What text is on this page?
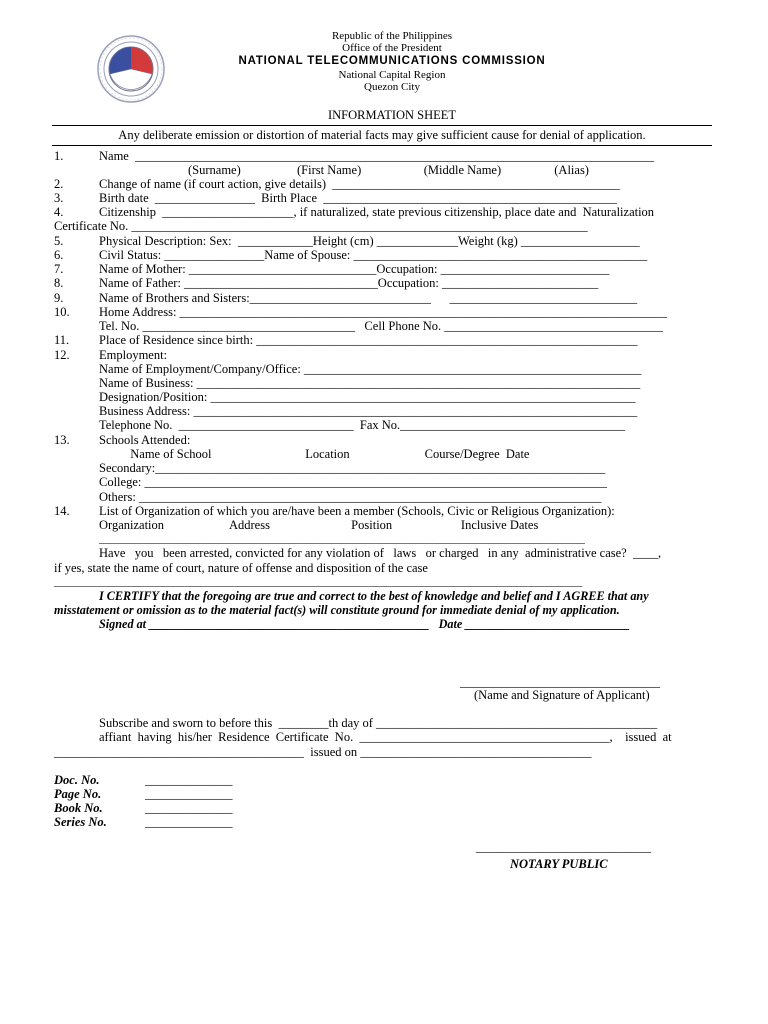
Republic of the Philippines
Office of the President
NATIONAL TELECOMMUNICATIONS COMMISSION
National Capital Region
Quezon City
INFORMATION SHEET
Any deliberate emission or distortion of material facts may give sufficient cause for denial of application.
1.	Name  ___________________________________________________________________________________
(Surname)                  (First Name)                    (Middle Name)                 (Alias)
2.	Change of name (if court action, give details)  ______________________________________________
3.	Birth date  ________________  Birth Place  _______________________________________________
4.	Citizenship  _____________________, if naturalized, state previous citizenship, place date and  Naturalization
Certificate No. _________________________________________________________________________
5.	Physical Description: Sex:  ____________Height (cm) _____________Weight (kg) ___________________
6.	Civil Status: ________________Name of Spouse: _______________________________________________
7.	Name of Mother: ______________________________Occupation: ___________________________
8.	Name of Father: _______________________________Occupation: _________________________
9.	Name of Brothers and Sisters:_____________________________      ______________________________
10. Home Address: ______________________________________________________________________________
Tel. No. __________________________________   Cell Phone No. ___________________________________
11. Place of Residence since birth: _____________________________________________________________
12. Employment:
Name of Employment/Company/Office: ______________________________________________________
Name of Business: _______________________________________________________________________
Designation/Position: ____________________________________________________________________
Business Address: _______________________________________________________________________
Telephone No.  ____________________________  Fax No.____________________________________
13. Schools Attended:
Name of School                              Location                        Course/Degree  Date
Secondary:________________________________________________________________________
College: __________________________________________________________________________
Others: __________________________________________________________________________
14. List of Organization of which you are/have been a member (Schools, Civic or Religious Organization):
Organization                     Address                          Position                      Inclusive Dates
__________________________________________________________________________________________
Have   you   been arrested, convicted for any violation of   laws   or charged   in any  administrative case?  ____,
if yes, state the name of court, nature of offense and disposition of the case
_________________________________________________________________________________________________
I CERTIFY that the foregoing are true and correct to the best of knowledge and belief and I AGREE that any
misstatement or omission as to the material fact(s) will constitute ground for immediate denial of my application.
Signed at ______________________________________________   Date ___________________________
________________________________
(Name and Signature of Applicant)
Subscribe and sworn to before this  ________th day of _____________________________________________
affiant  having  his/her  Residence  Certificate  No.  ________________________________________,    issued  at
________________________________________  issued on _____________________________________
Doc. No.	______________
Page No.	______________
Book No.	______________
Series No.	______________
____________________________
NOTARY PUBLIC
